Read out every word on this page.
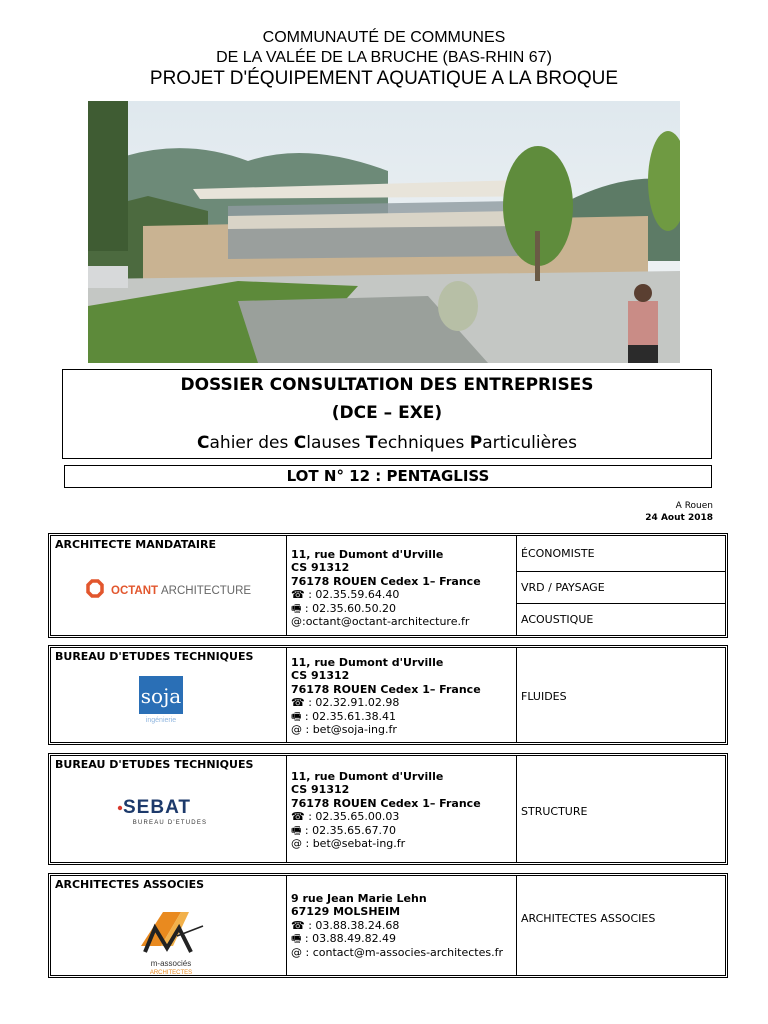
COMMUNAUTÉ DE COMMUNES
DE LA VALÉE DE LA BRUCHE (BAS-RHIN 67)
PROJET D'ÉQUIPEMENT AQUATIQUE A LA BROQUE
DOSSIER CONSULTATION DES ENTREPRISES
(DCE – EXE)
Cahier des Clauses Techniques Particulières
LOT N° 12 : PENTAGLISS
A Rouen
24 Aout 2018
ARCHITECTE MANDATAIRE
OCTANT ARCHITECTURE
11, rue Dumont d'Urville
CS 91312
76178 ROUEN Cedex 1– France
☎ : 02.35.59.64.40
🖷 : 02.35.60.50.20
@:octant@octant-architecture.fr
ÉCONOMISTE
VRD / PAYSAGE
ACOUSTIQUE
BUREAU D'ETUDES TECHNIQUES
soja
ingénierie
11, rue Dumont d'Urville
CS 91312
76178 ROUEN Cedex 1– France
☎ : 02.32.91.02.98
🖷 : 02.35.61.38.41
@ : bet@soja-ing.fr
FLUIDES
BUREAU D'ETUDES TECHNIQUES
SEBAT
BUREAU D'ETUDES
11, rue Dumont d'Urville
CS 91312
76178 ROUEN Cedex 1– France
☎ : 02.35.65.00.03
🖷 : 02.35.65.67.70
@ : bet@sebat-ing.fr
STRUCTURE
ARCHITECTES ASSOCIES
m-associés
ARCHITECTES
9 rue Jean Marie Lehn
67129 MOLSHEIM
☎ : 03.88.38.24.68
🖷 : 03.88.49.82.49
@ : contact@m-associes-architectes.fr
ARCHITECTES ASSOCIES
